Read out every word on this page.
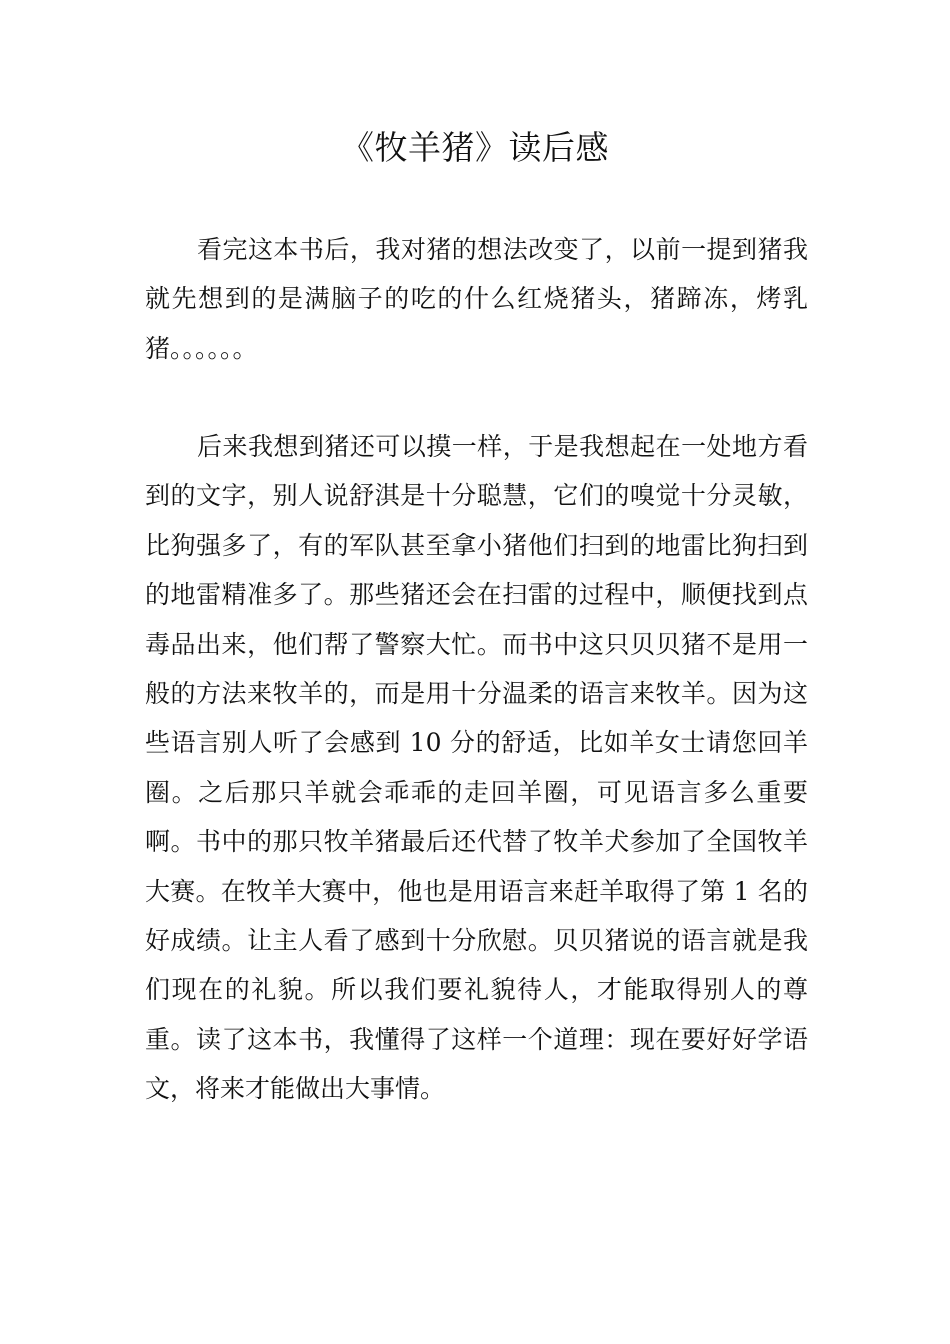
《牧羊猪》读后感

看完这本书后，我对猪的想法改变了，以前一提到猪我就先想到的是满脑子的吃的什么红烧猪头，猪蹄冻，烤乳猪。。。。。。

后来我想到猪还可以摸一样，于是我想起在一处地方看到的文字，别人说舒淇是十分聪慧，它们的嗅觉十分灵敏，比狗强多了，有的军队甚至拿小猪他们扫到的地雷比狗扫到的地雷精准多了。那些猪还会在扫雷的过程中，顺便找到点毒品出来，他们帮了警察大忙。而书中这只贝贝猪不是用一般的方法来牧羊的，而是用十分温柔的语言来牧羊。因为这些语言别人听了会感到 10 分的舒适，比如羊女士请您回羊圈。之后那只羊就会乖乖的走回羊圈，可见语言多么重要啊。书中的那只牧羊猪最后还代替了牧羊犬参加了全国牧羊大赛。在牧羊大赛中，他也是用语言来赶羊取得了第 1 名的好成绩。让主人看了感到十分欣慰。贝贝猪说的语言就是我们现在的礼貌。所以我们要礼貌待人，才能取得别人的尊重。读了这本书，我懂得了这样一个道理：现在要好好学语文，将来才能做出大事情。
